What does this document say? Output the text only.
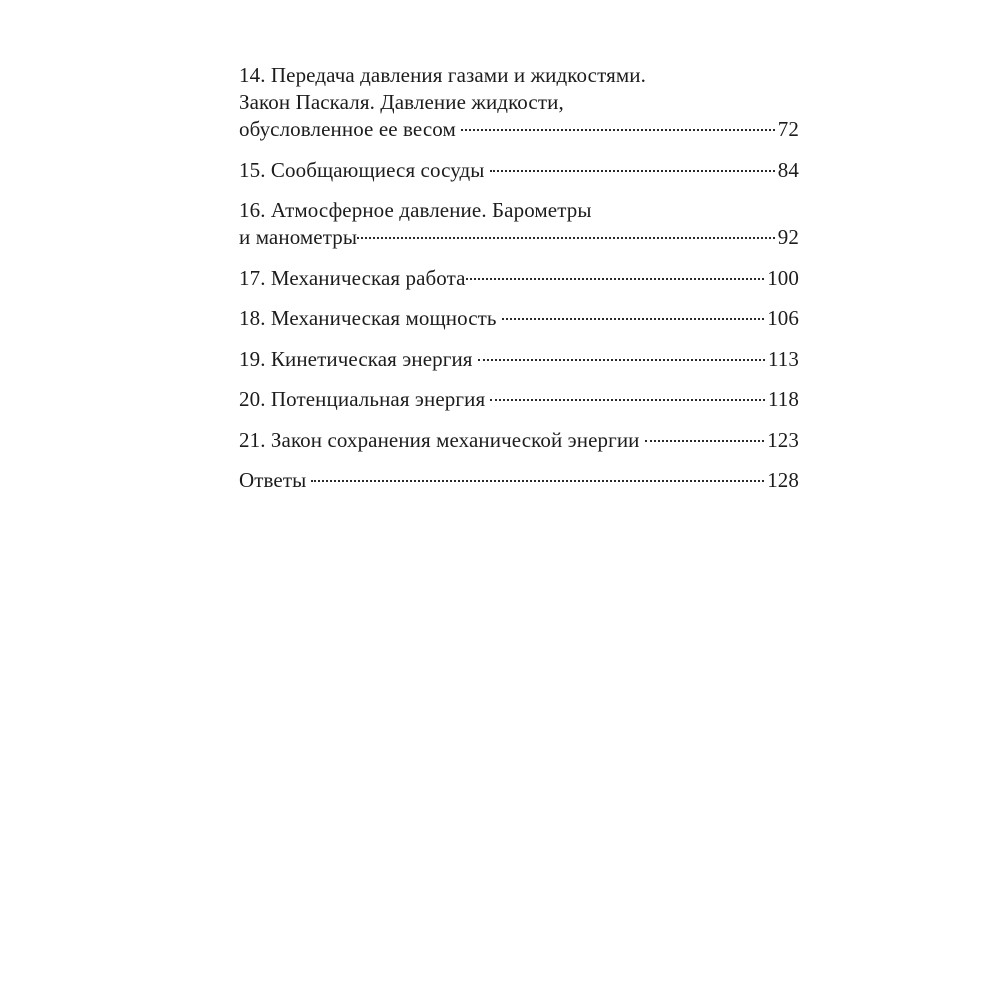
14. Передача давления газами и жидкостями.
Закон Паскаля. Давление жидкости,
обусловленное ее весом	72
15. Сообщающиеся сосуды	84
16. Атмосферное давление. Барометры
и манометры	92
17. Механическая работа	100
18. Механическая мощность	106
19. Кинетическая энергия	113
20. Потенциальная энергия	118
21. Закон сохранения механической энергии	123
Ответы	128
